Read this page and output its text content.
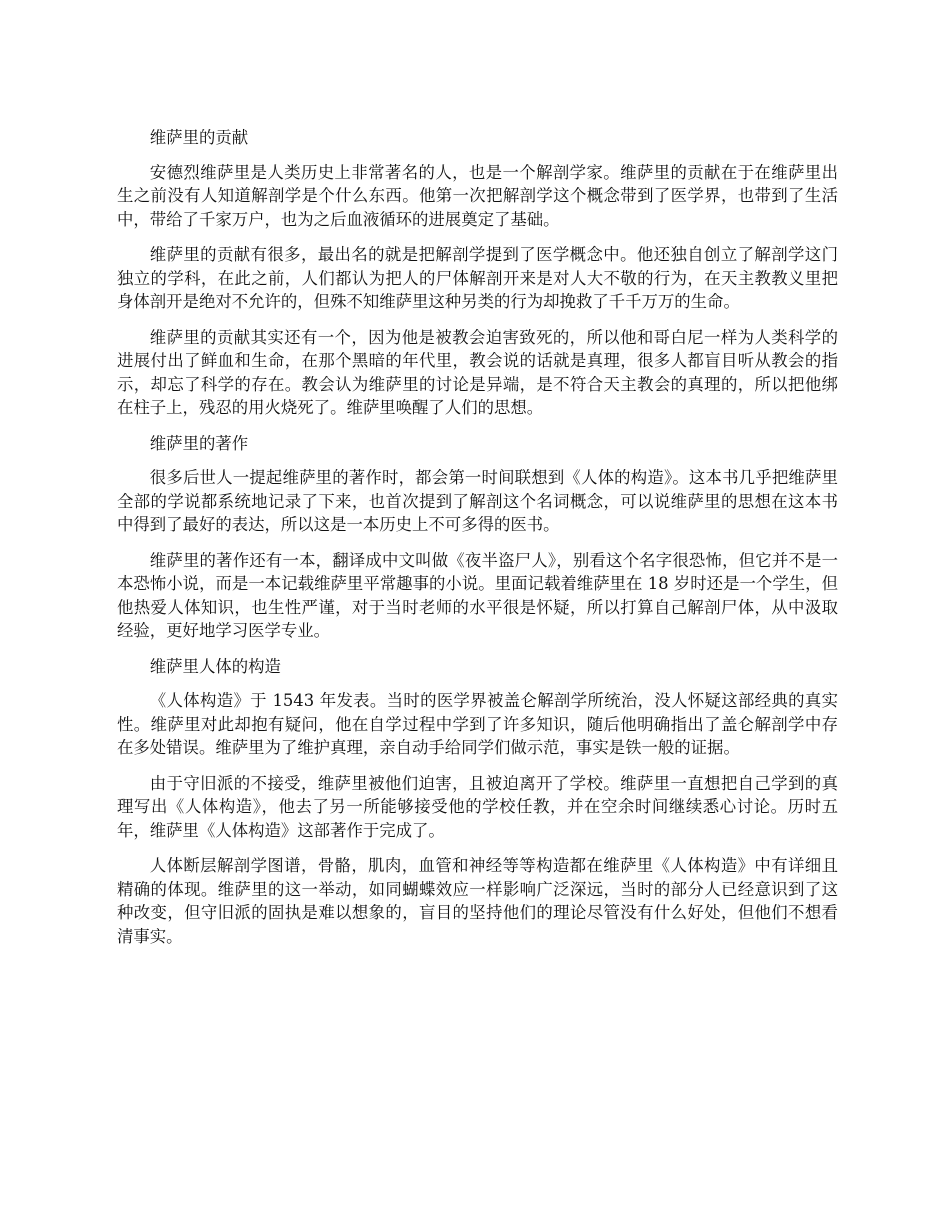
维萨里的贡献

安德烈维萨里是人类历史上非常著名的人，也是一个解剖学家。维萨里的贡献在于在维萨里出生之前没有人知道解剖学是个什么东西。他第一次把解剖学这个概念带到了医学界，也带到了生活中，带给了千家万户，也为之后血液循环的进展奠定了基础。

维萨里的贡献有很多，最出名的就是把解剖学提到了医学概念中。他还独自创立了解剖学这门独立的学科，在此之前，人们都认为把人的尸体解剖开来是对人大不敬的行为，在天主教教义里把身体剖开是绝对不允许的，但殊不知维萨里这种另类的行为却挽救了千千万万的生命。

维萨里的贡献其实还有一个，因为他是被教会迫害致死的，所以他和哥白尼一样为人类科学的进展付出了鲜血和生命，在那个黑暗的年代里，教会说的话就是真理，很多人都盲目听从教会的指示，却忘了科学的存在。教会认为维萨里的讨论是异端，是不符合天主教会的真理的，所以把他绑在柱子上，残忍的用火烧死了。维萨里唤醒了人们的思想。

维萨里的著作

很多后世人一提起维萨里的著作时，都会第一时间联想到《人体的构造》。这本书几乎把维萨里全部的学说都系统地记录了下来，也首次提到了解剖这个名词概念，可以说维萨里的思想在这本书中得到了最好的表达，所以这是一本历史上不可多得的医书。

维萨里的著作还有一本，翻译成中文叫做《夜半盗尸人》，别看这个名字很恐怖，但它并不是一本恐怖小说，而是一本记载维萨里平常趣事的小说。里面记载着维萨里在 18 岁时还是一个学生，但他热爱人体知识，也生性严谨，对于当时老师的水平很是怀疑，所以打算自己解剖尸体，从中汲取经验，更好地学习医学专业。

维萨里人体的构造

《人体构造》于 1543 年发表。当时的医学界被盖仑解剖学所统治，没人怀疑这部经典的真实性。维萨里对此却抱有疑问，他在自学过程中学到了许多知识，随后他明确指出了盖仑解剖学中存在多处错误。维萨里为了维护真理，亲自动手给同学们做示范，事实是铁一般的证据。

由于守旧派的不接受，维萨里被他们迫害，且被迫离开了学校。维萨里一直想把自己学到的真理写出《人体构造》，他去了另一所能够接受他的学校任教，并在空余时间继续悉心讨论。历时五年，维萨里《人体构造》这部著作于完成了。

人体断层解剖学图谱，骨骼，肌肉，血管和神经等等构造都在维萨里《人体构造》中有详细且精确的体现。维萨里的这一举动，如同蝴蝶效应一样影响广泛深远，当时的部分人已经意识到了这种改变，但守旧派的固执是难以想象的，盲目的坚持他们的理论尽管没有什么好处，但他们不想看清事实。
